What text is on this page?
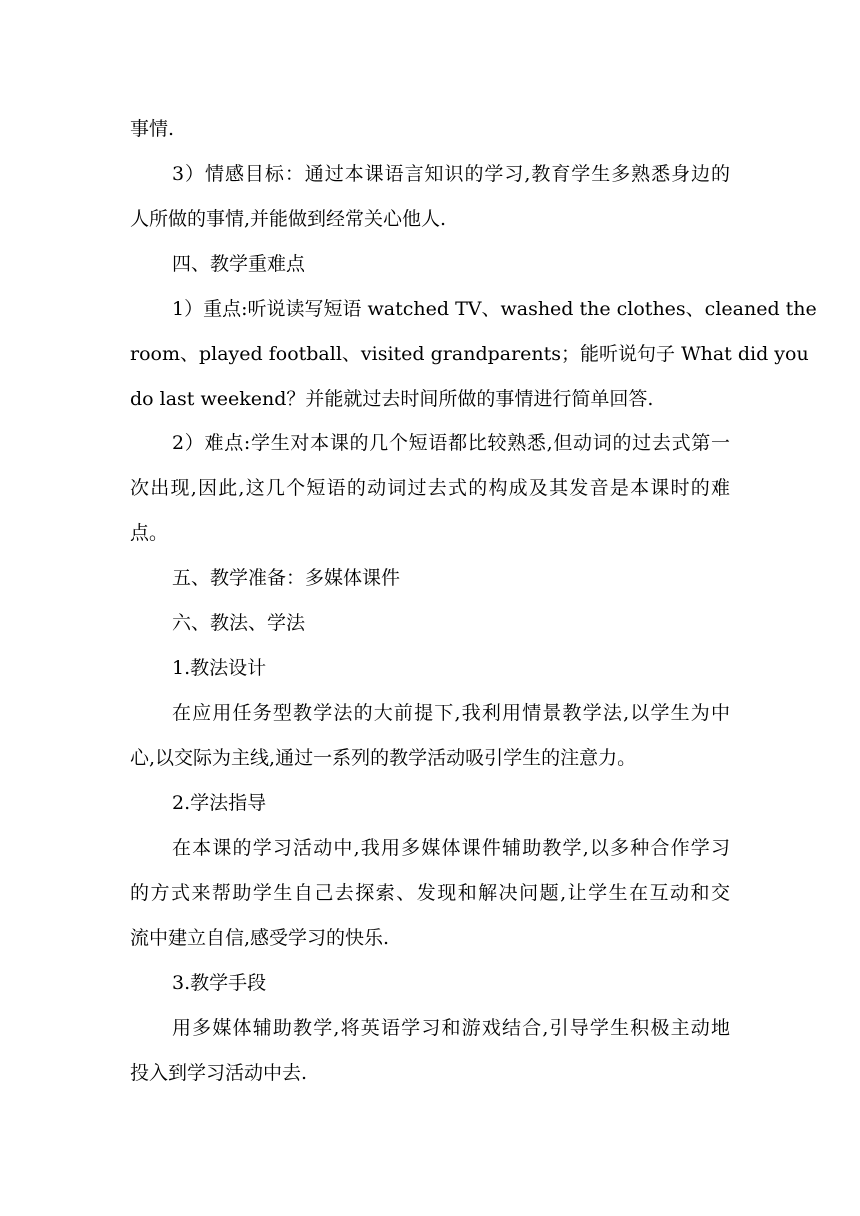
事情.
3）情感目标：通过本课语言知识的学习,教育学生多熟悉身边的
人所做的事情,并能做到经常关心他人.
四、教学重难点
1）重点:听说读写短语 watched TV、washed the clothes、cleaned the
room、played football、visited grandparents；能听说句子 What did you
do last weekend？并能就过去时间所做的事情进行简单回答.
2）难点:学生对本课的几个短语都比较熟悉,但动词的过去式第一
次出现,因此,这几个短语的动词过去式的构成及其发音是本课时的难
点。
五、教学准备：多媒体课件
六、教法、学法
1.教法设计
在应用任务型教学法的大前提下,我利用情景教学法,以学生为中
心,以交际为主线,通过一系列的教学活动吸引学生的注意力。
2.学法指导
在本课的学习活动中,我用多媒体课件辅助教学,以多种合作学习
的方式来帮助学生自己去探索、发现和解决问题,让学生在互动和交
流中建立自信,感受学习的快乐.
3.教学手段
用多媒体辅助教学,将英语学习和游戏结合,引导学生积极主动地
投入到学习活动中去.
